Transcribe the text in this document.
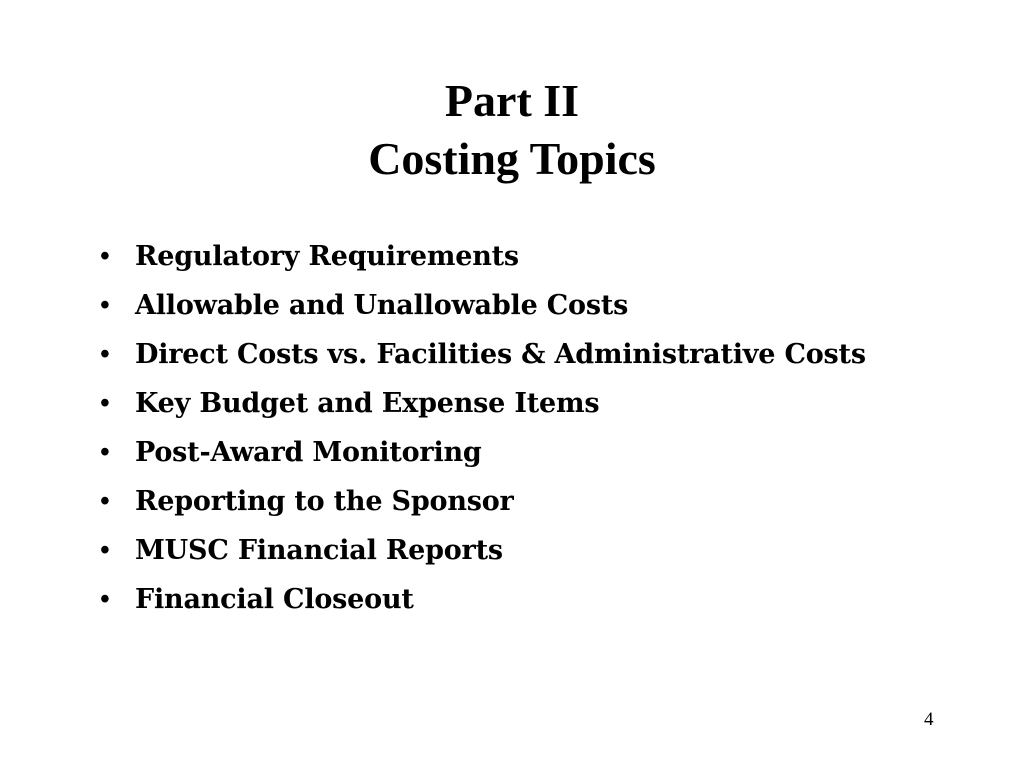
Part II
Costing Topics
• Regulatory Requirements
• Allowable and Unallowable Costs
• Direct Costs vs. Facilities & Administrative Costs
• Key Budget and Expense Items
• Post-Award Monitoring
• Reporting to the Sponsor
• MUSC Financial Reports
• Financial Closeout
4
